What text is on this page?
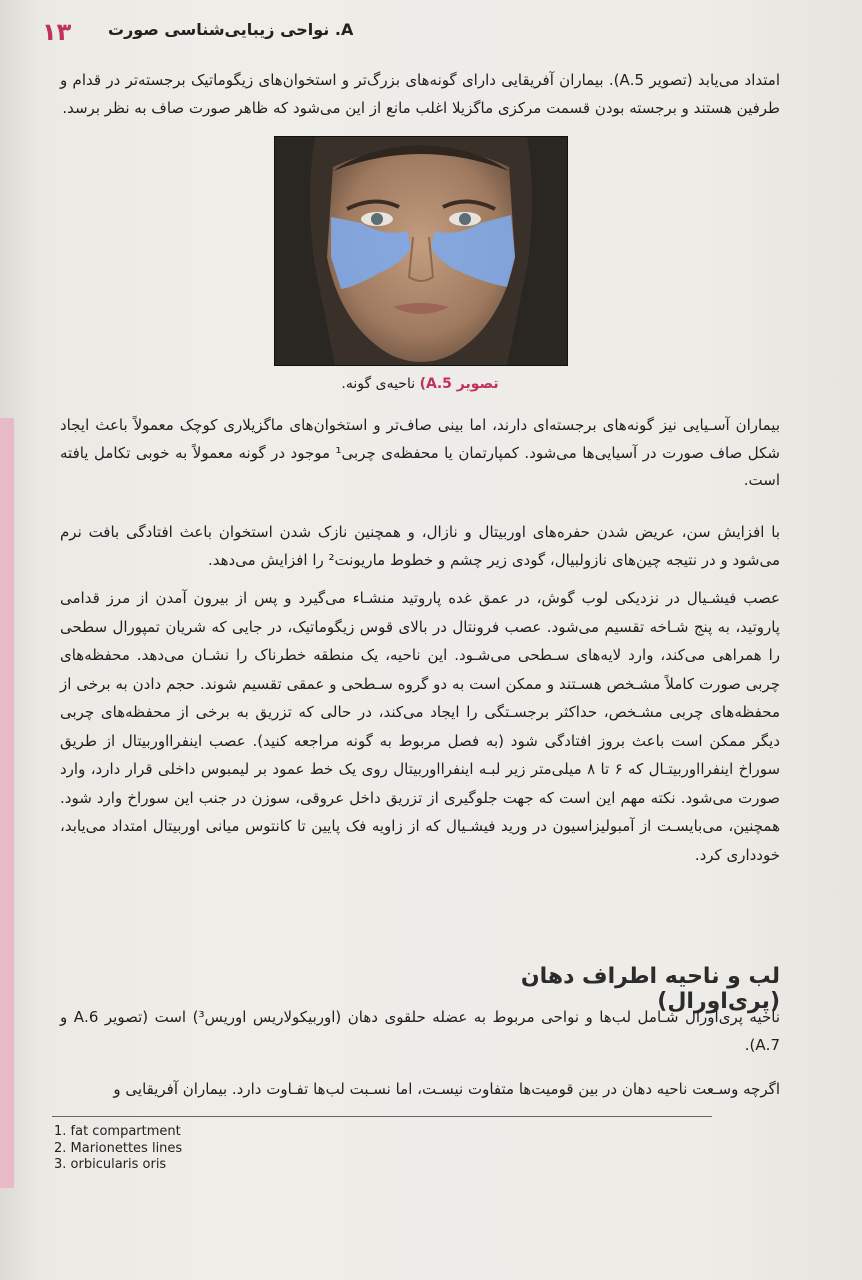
۱۳ A. نواحی زیبایی‌شناسی صورت

امتداد می‌یابد (تصویر 5.A). بیماران آفریقایی دارای گونه‌های بزرگ‌تر و استخوان‌های زیگوماتیک برجسته‌تر در قدام و طرفین هستند و برجسته بودن قسمت مرکزی ماگزیلا اغلب مانع از این می‌شود که ظاهر صورت صاف به نظر برسد.

تصویر 5.A) ناحیه‌ی گونه.

بیماران آسـیایی نیز گونه‌های برجسته‌ای دارند، اما بینی صاف‌تر و استخوان‌های ماگزیلاری کوچک معمولاً باعث ایجاد شکل صاف صورت در آسیایی‌ها می‌شود. کمپارتمان یا محفظه‌ی چربی¹ موجود در گونه معمولاً به خوبی تکامل یافته است.

با افزایش سن، عریض شدن حفره‌های اوربیتال و نازال، و همچنین نازک شدن استخوان باعث افتادگی بافت نرم می‌شود و در نتیجه چین‌های نازولبیال، گودی زیر چشم و خطوط ماریونت² را افزایش می‌دهد.

عصب فیشـیال در نزدیکی لوب گوش، در عمق غده پاروتید منشـاء می‌گیرد و پس از بیرون آمدن از مرز قدامی پاروتید، به پنج شـاخه تقسیم می‌شود. عصب فرونتال در بالای قوس زیگوماتیک، در جایی که شریان تمپورال سطحی را همراهی می‌کند، وارد لایه‌های سـطحی می‌شـود. این ناحیه، یک منطقه خطرناک را نشـان می‌دهد. محفظه‌های چربی صورت کاملاً مشـخص هسـتند و ممکن است به دو گروه سـطحی و عمقی تقسیم شوند. حجم دادن به برخی از محفظه‌های چربی مشـخص، حداکثر برجسـتگی را ایجاد می‌کند، در حالی که تزریق به برخی از محفظه‌های چربی دیگر ممکن است باعث بروز افتادگی شود (به فصل مربوط به گونه مراجعه کنید). عصب اینفرااوربیتال از طریق سوراخ اینفرااوربیتـال که ۶ تا ۸ میلی‌متر زیر لبـه اینفرااوربیتال روی یک خط عمود بر لیمبوس داخلی قرار دارد، وارد صورت می‌شود. نکته مهم این است که جهت جلوگیری از تزریق داخل عروقی، سوزن در جنب این سوراخ وارد شود. همچنین، می‌بایسـت از آمبولیزاسیون در ورید فیشـیال که از زاویه فک پایین تا کانتوس میانی اوربیتال امتداد می‌یابد، خودداری کرد.

لب و ناحیه اطراف دهان (پری‌اورال)

ناحیه پری‌اورال شـامل لب‌ها و نواحی مربوط به عضله حلقوی دهان (اوربیکولاریس اوریس³) است (تصویر 6.A و 7.A).

اگرچه وسـعت ناحیه دهان در بین قومیت‌ها متفاوت نیسـت، اما نسـبت لب‌ها تفـاوت دارد. بیماران آفریقایی و

1. fat compartment
2. Marionettes lines
3. orbicularis oris
